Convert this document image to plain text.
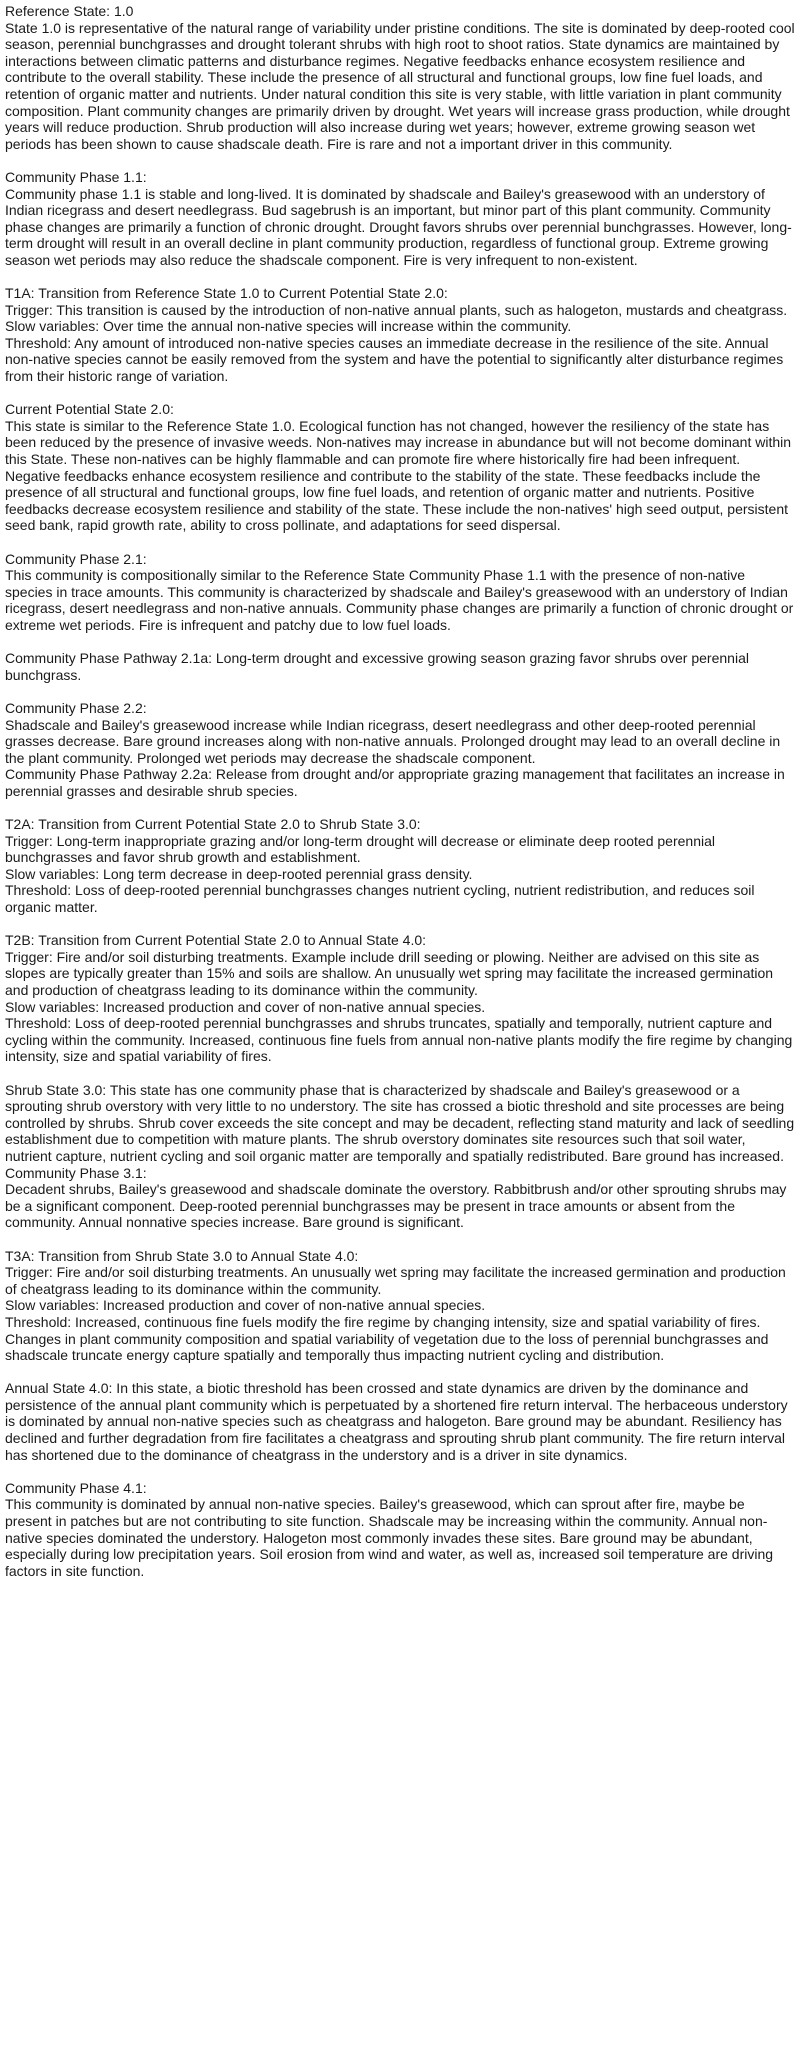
Reference State: 1.0
State 1.0 is representative of the natural range of variability under pristine conditions. The site is dominated by deep-rooted cool season, perennial bunchgrasses and drought tolerant shrubs with high root to shoot ratios. State dynamics are maintained by interactions between climatic patterns and disturbance regimes. Negative feedbacks enhance ecosystem resilience and contribute to the overall stability. These include the presence of all structural and functional groups, low fine fuel loads, and retention of organic matter and nutrients. Under natural condition this site is very stable, with little variation in plant community composition. Plant community changes are primarily driven by drought. Wet years will increase grass production, while drought years will reduce production. Shrub production will also increase during wet years; however, extreme growing season wet periods has been shown to cause shadscale death. Fire is rare and not a important driver in this community.

Community Phase 1.1:
Community phase 1.1 is stable and long-lived. It is dominated by shadscale and Bailey's greasewood with an understory of Indian ricegrass and desert needlegrass. Bud sagebrush is an important, but minor part of this plant community. Community phase changes are primarily a function of chronic drought. Drought favors shrubs over perennial bunchgrasses. However, long-term drought will result in an overall decline in plant community production, regardless of functional group. Extreme growing season wet periods may also reduce the shadscale component. Fire is very infrequent to non-existent.

T1A: Transition from Reference State 1.0 to Current Potential State 2.0:
Trigger: This transition is caused by the introduction of non-native annual plants, such as halogeton, mustards and cheatgrass.
Slow variables: Over time the annual non-native species will increase within the community.
Threshold: Any amount of introduced non-native species causes an immediate decrease in the resilience of the site. Annual non-native species cannot be easily removed from the system and have the potential to significantly alter disturbance regimes from their historic range of variation.

Current Potential State 2.0:
This state is similar to the Reference State 1.0. Ecological function has not changed, however the resiliency of the state has been reduced by the presence of invasive weeds. Non-natives may increase in abundance but will not become dominant within this State. These non-natives can be highly flammable and can promote fire where historically fire had been infrequent. Negative feedbacks enhance ecosystem resilience and contribute to the stability of the state. These feedbacks include the presence of all structural and functional groups, low fine fuel loads, and retention of organic matter and nutrients. Positive feedbacks decrease ecosystem resilience and stability of the state. These include the non-natives' high seed output, persistent seed bank, rapid growth rate, ability to cross pollinate, and adaptations for seed dispersal.

Community Phase 2.1:
This community is compositionally similar to the Reference State Community Phase 1.1 with the presence of non-native species in trace amounts. This community is characterized by shadscale and Bailey's greasewood with an understory of Indian ricegrass, desert needlegrass and non-native annuals. Community phase changes are primarily a function of chronic drought or extreme wet periods. Fire is infrequent and patchy due to low fuel loads.

Community Phase Pathway 2.1a: Long-term drought and excessive growing season grazing favor shrubs over perennial bunchgrass.

Community Phase 2.2:
Shadscale and Bailey's greasewood increase while Indian ricegrass, desert needlegrass and other deep-rooted perennial grasses decrease. Bare ground increases along with non-native annuals. Prolonged drought may lead to an overall decline in the plant community. Prolonged wet periods may decrease the shadscale component.
Community Phase Pathway 2.2a: Release from drought and/or appropriate grazing management that facilitates an increase in perennial grasses and desirable shrub species.

T2A: Transition from Current Potential State 2.0 to Shrub State 3.0:
Trigger: Long-term inappropriate grazing and/or long-term drought will decrease or eliminate deep rooted perennial bunchgrasses and favor shrub growth and establishment.
Slow variables: Long term decrease in deep-rooted perennial grass density.
Threshold: Loss of deep-rooted perennial bunchgrasses changes nutrient cycling, nutrient redistribution, and reduces soil organic matter.

T2B: Transition from Current Potential State 2.0 to Annual State 4.0:
Trigger: Fire and/or soil disturbing treatments. Example include drill seeding or plowing. Neither are advised on this site as slopes are typically greater than 15% and soils are shallow. An unusually wet spring may facilitate the increased germination and production of cheatgrass leading to its dominance within the community.
Slow variables: Increased production and cover of non-native annual species.
Threshold: Loss of deep-rooted perennial bunchgrasses and shrubs truncates, spatially and temporally, nutrient capture and cycling within the community. Increased, continuous fine fuels from annual non-native plants modify the fire regime by changing intensity, size and spatial variability of fires.

Shrub State 3.0: This state has one community phase that is characterized by shadscale and Bailey's greasewood or a sprouting shrub overstory with very little to no understory. The site has crossed a biotic threshold and site processes are being controlled by shrubs. Shrub cover exceeds the site concept and may be decadent, reflecting stand maturity and lack of seedling establishment due to competition with mature plants. The shrub overstory dominates site resources such that soil water, nutrient capture, nutrient cycling and soil organic matter are temporally and spatially redistributed. Bare ground has increased.
Community Phase 3.1:
Decadent shrubs, Bailey's greasewood and shadscale dominate the overstory. Rabbitbrush and/or other sprouting shrubs may be a significant component. Deep-rooted perennial bunchgrasses may be present in trace amounts or absent from the community. Annual nonnative species increase. Bare ground is significant.

T3A: Transition from Shrub State 3.0 to Annual State 4.0:
Trigger: Fire and/or soil disturbing treatments. An unusually wet spring may facilitate the increased germination and production of cheatgrass leading to its dominance within the community.
Slow variables: Increased production and cover of non-native annual species.
Threshold: Increased, continuous fine fuels modify the fire regime by changing intensity, size and spatial variability of fires. Changes in plant community composition and spatial variability of vegetation due to the loss of perennial bunchgrasses and shadscale truncate energy capture spatially and temporally thus impacting nutrient cycling and distribution.

Annual State 4.0: In this state, a biotic threshold has been crossed and state dynamics are driven by the dominance and persistence of the annual plant community which is perpetuated by a shortened fire return interval. The herbaceous understory is dominated by annual non-native species such as cheatgrass and halogeton. Bare ground may be abundant. Resiliency has declined and further degradation from fire facilitates a cheatgrass and sprouting shrub plant community. The fire return interval has shortened due to the dominance of cheatgrass in the understory and is a driver in site dynamics.

Community Phase 4.1:
This community is dominated by annual non-native species. Bailey's greasewood, which can sprout after fire, maybe be present in patches but are not contributing to site function. Shadscale may be increasing within the community. Annual non-native species dominated the understory. Halogeton most commonly invades these sites. Bare ground may be abundant, especially during low precipitation years. Soil erosion from wind and water, as well as, increased soil temperature are driving factors in site function.
